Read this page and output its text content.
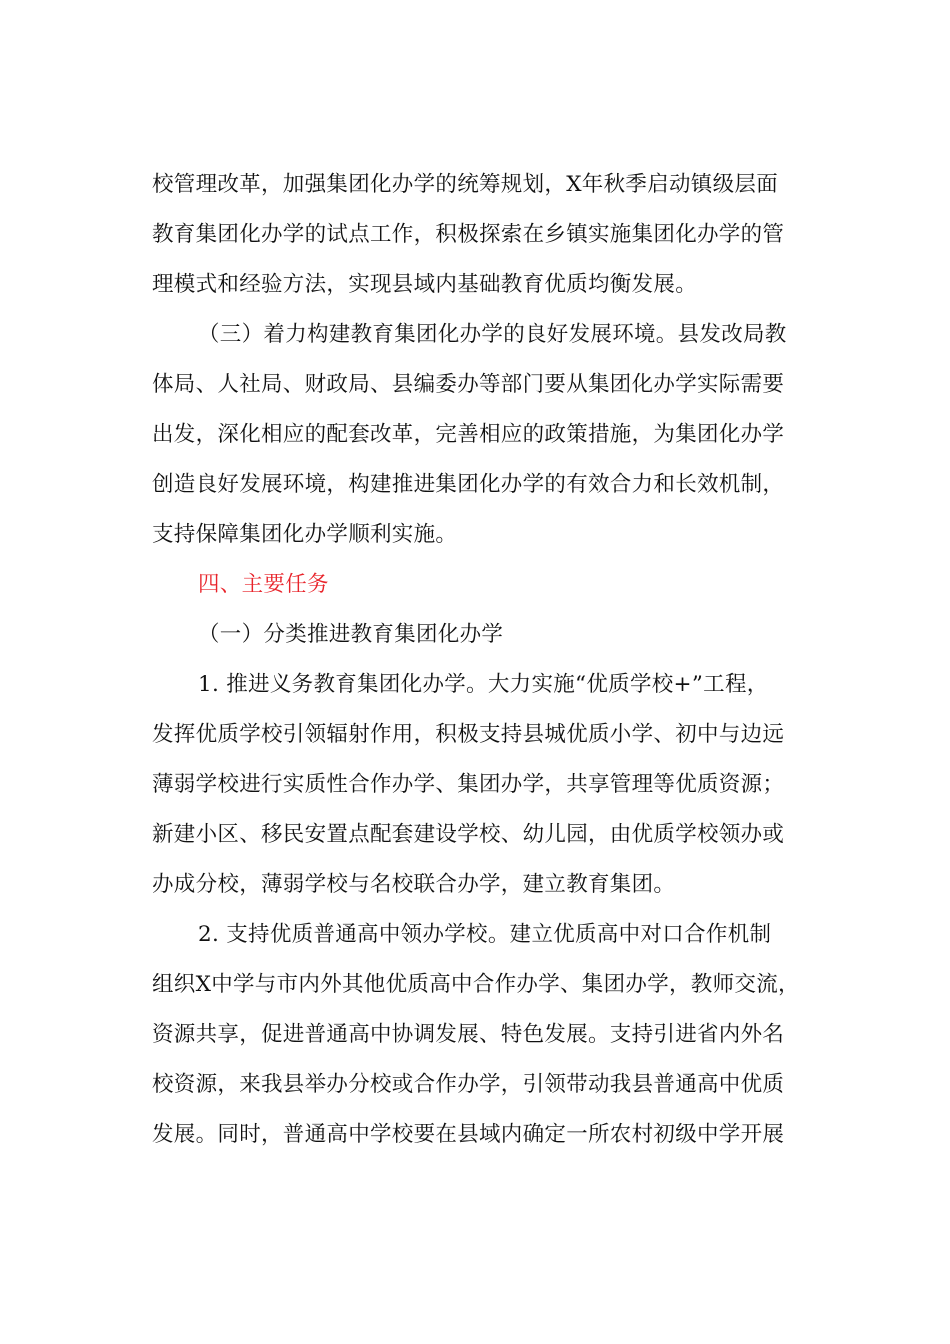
校管理改革，加强集团化办学的统筹规划，X年秋季启动镇级层面
教育集团化办学的试点工作，积极探索在乡镇实施集团化办学的管
理模式和经验方法，实现县域内基础教育优质均衡发展。

（三）着力构建教育集团化办学的良好发展环境。县发改局教
体局、人社局、财政局、县编委办等部门要从集团化办学实际需要
出发，深化相应的配套改革，完善相应的政策措施，为集团化办学
创造良好发展环境，构建推进集团化办学的有效合力和长效机制，
支持保障集团化办学顺利实施。

四、主要任务

（一）分类推进教育集团化办学

1. 推进义务教育集团化办学。大力实施“优质学校+”工程，
发挥优质学校引领辐射作用，积极支持县城优质小学、初中与边远
薄弱学校进行实质性合作办学、集团办学，共享管理等优质资源；
新建小区、移民安置点配套建设学校、幼儿园，由优质学校领办或
办成分校，薄弱学校与名校联合办学，建立教育集团。

2. 支持优质普通高中领办学校。建立优质高中对口合作机制
组织X中学与市内外其他优质高中合作办学、集团办学，教师交流，
资源共享，促进普通高中协调发展、特色发展。支持引进省内外名
校资源，来我县举办分校或合作办学，引领带动我县普通高中优质
发展。同时，普通高中学校要在县域内确定一所农村初级中学开展
